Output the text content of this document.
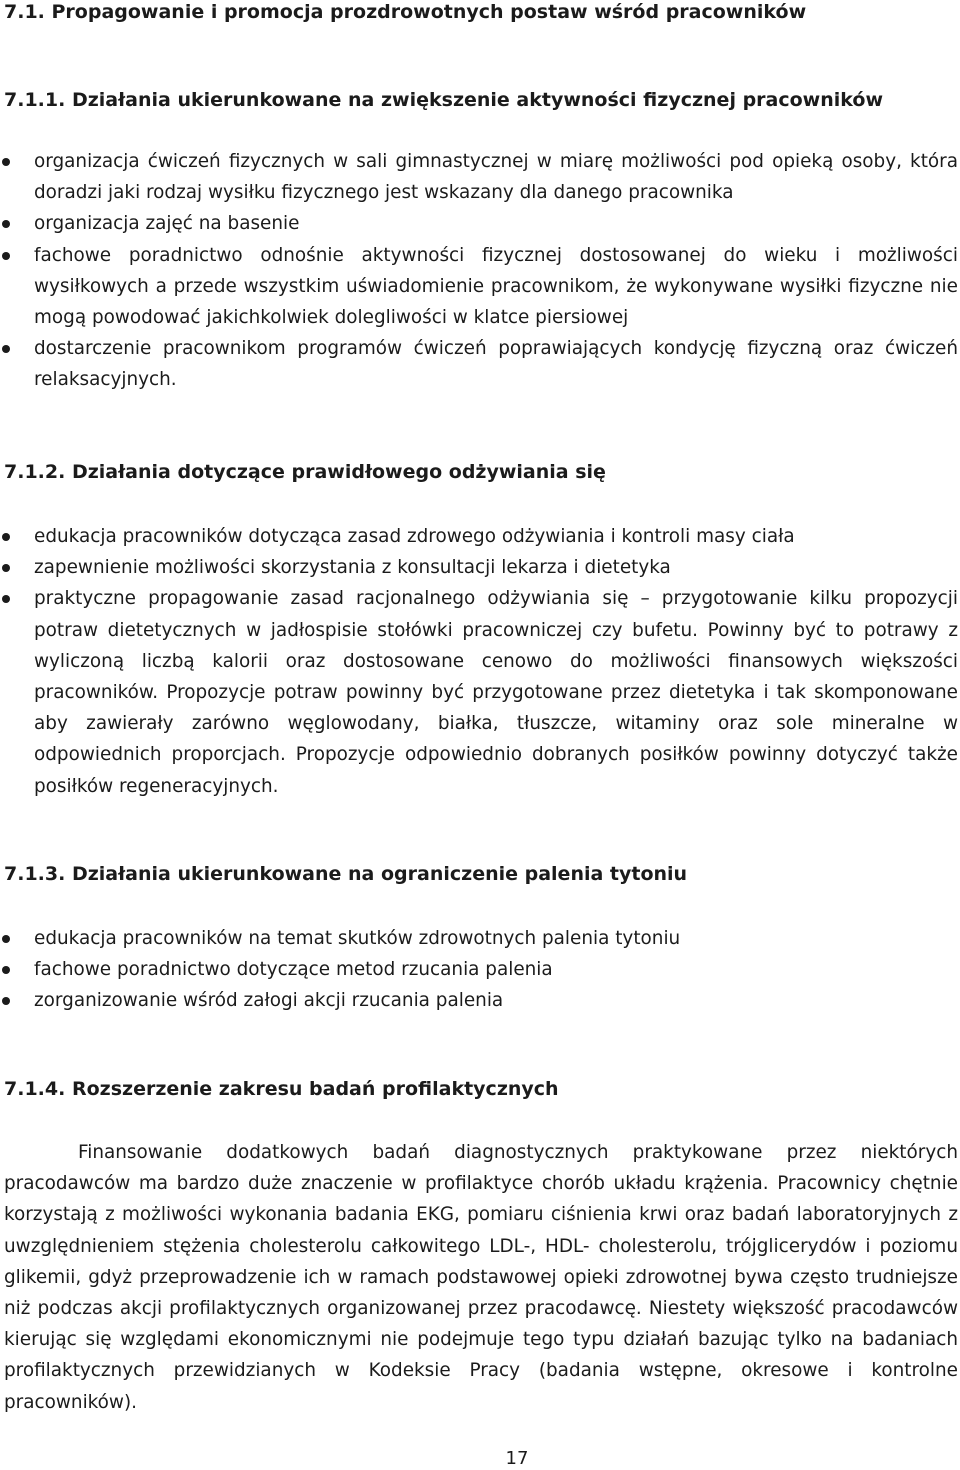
7.1. Propagowanie i promocja prozdrowotnych postaw wśród pracowników
7.1.1. Działania ukierunkowane na zwiększenie aktywności fizycznej pracowników
organizacja ćwiczeń fizycznych w sali gimnastycznej w miarę możliwości pod opieką osoby, która doradzi jaki rodzaj wysiłku fizycznego jest wskazany dla danego pracownika
organizacja zajęć na basenie
fachowe poradnictwo odnośnie aktywności fizycznej dostosowanej do wieku i możliwości wysiłkowych a przede wszystkim uświadomienie pracownikom, że wykonywane wysiłki fizyczne nie mogą powodować jakichkolwiek dolegliwości w klatce piersiowej
dostarczenie pracownikom programów ćwiczeń poprawiających kondycję fizyczną oraz ćwiczeń relaksacyjnych.
7.1.2. Działania dotyczące prawidłowego odżywiania się
edukacja pracowników dotycząca zasad zdrowego odżywiania i kontroli masy ciała
zapewnienie możliwości skorzystania z konsultacji lekarza i dietetyka
praktyczne propagowanie zasad racjonalnego odżywiania się – przygotowanie kilku propozycji potraw dietetycznych w jadłospisie stołówki pracowniczej czy bufetu. Powinny być to potrawy z wyliczoną liczbą kalorii oraz dostosowane cenowo do możliwości finansowych większości pracowników. Propozycje potraw powinny być przygotowane przez dietetyka i tak skomponowane aby zawierały zarówno węglowodany, białka, tłuszcze, witaminy oraz sole mineralne w odpowiednich proporcjach. Propozycje odpowiednio dobranych posiłków powinny dotyczyć także posiłków regeneracyjnych.
7.1.3. Działania ukierunkowane na ograniczenie palenia tytoniu
edukacja pracowników na temat skutków zdrowotnych palenia tytoniu
fachowe poradnictwo dotyczące metod rzucania palenia
zorganizowanie wśród załogi akcji rzucania palenia
7.1.4. Rozszerzenie zakresu badań profilaktycznych

Finansowanie dodatkowych badań diagnostycznych praktykowane przez niektórych pracodawców ma bardzo duże znaczenie w profilaktyce chorób układu krążenia. Pracownicy chętnie korzystają z możliwości wykonania badania EKG, pomiaru ciśnienia krwi oraz badań laboratoryjnych z uwzględnieniem stężenia cholesterolu całkowitego LDL-, HDL- cholesterolu, trójglicerydów i poziomu glikemii, gdyż przeprowadzenie ich w ramach podstawowej opieki zdrowotnej bywa często trudniejsze niż podczas akcji profilaktycznych organizowanej przez pracodawcę. Niestety większość pracodawców kierując się względami ekonomicznymi nie podejmuje tego typu działań bazując tylko na badaniach profilaktycznych przewidzianych w Kodeksie Pracy (badania wstępne, okresowe i kontrolne pracowników).

17
